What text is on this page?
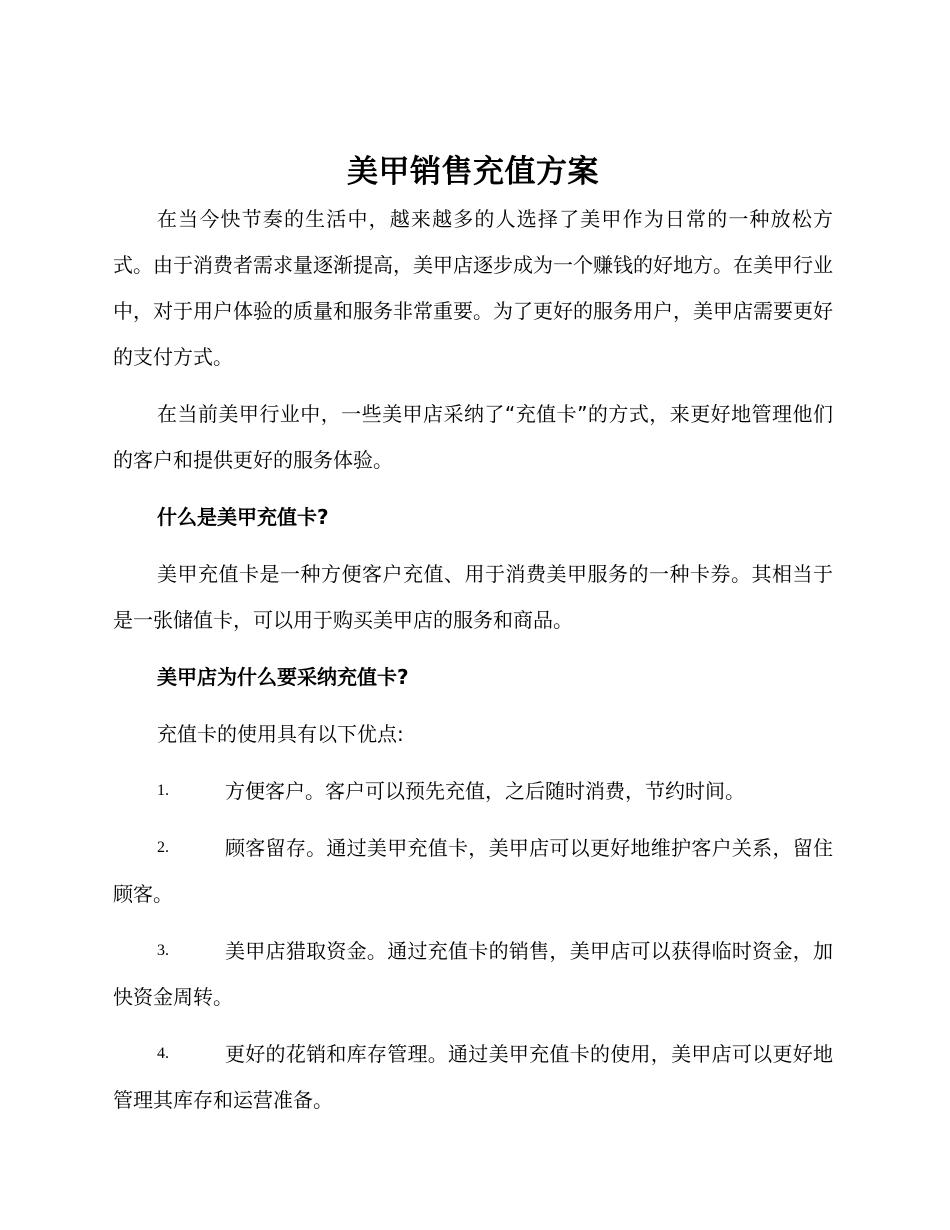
美甲销售充值方案

在当今快节奏的生活中，越来越多的人选择了美甲作为日常的一种放松方式。由于消费者需求量逐渐提高，美甲店逐步成为一个赚钱的好地方。在美甲行业中，对于用户体验的质量和服务非常重要。为了更好的服务用户，美甲店需要更好的支付方式。

在当前美甲行业中，一些美甲店采纳了“充值卡”的方式，来更好地管理他们的客户和提供更好的服务体验。

什么是美甲充值卡?

美甲充值卡是一种方便客户充值、用于消费美甲服务的一种卡券。其相当于是一张储值卡，可以用于购买美甲店的服务和商品。

美甲店为什么要采纳充值卡?

充值卡的使用具有以下优点:

1.	方便客户。客户可以预先充值，之后随时消费，节约时间。

2.	顾客留存。通过美甲充值卡，美甲店可以更好地维护客户关系，留住顾客。

3.	美甲店猎取资金。通过充值卡的销售，美甲店可以获得临时资金，加快资金周转。

4.	更好的花销和库存管理。通过美甲充值卡的使用，美甲店可以更好地管理其库存和运营准备。
